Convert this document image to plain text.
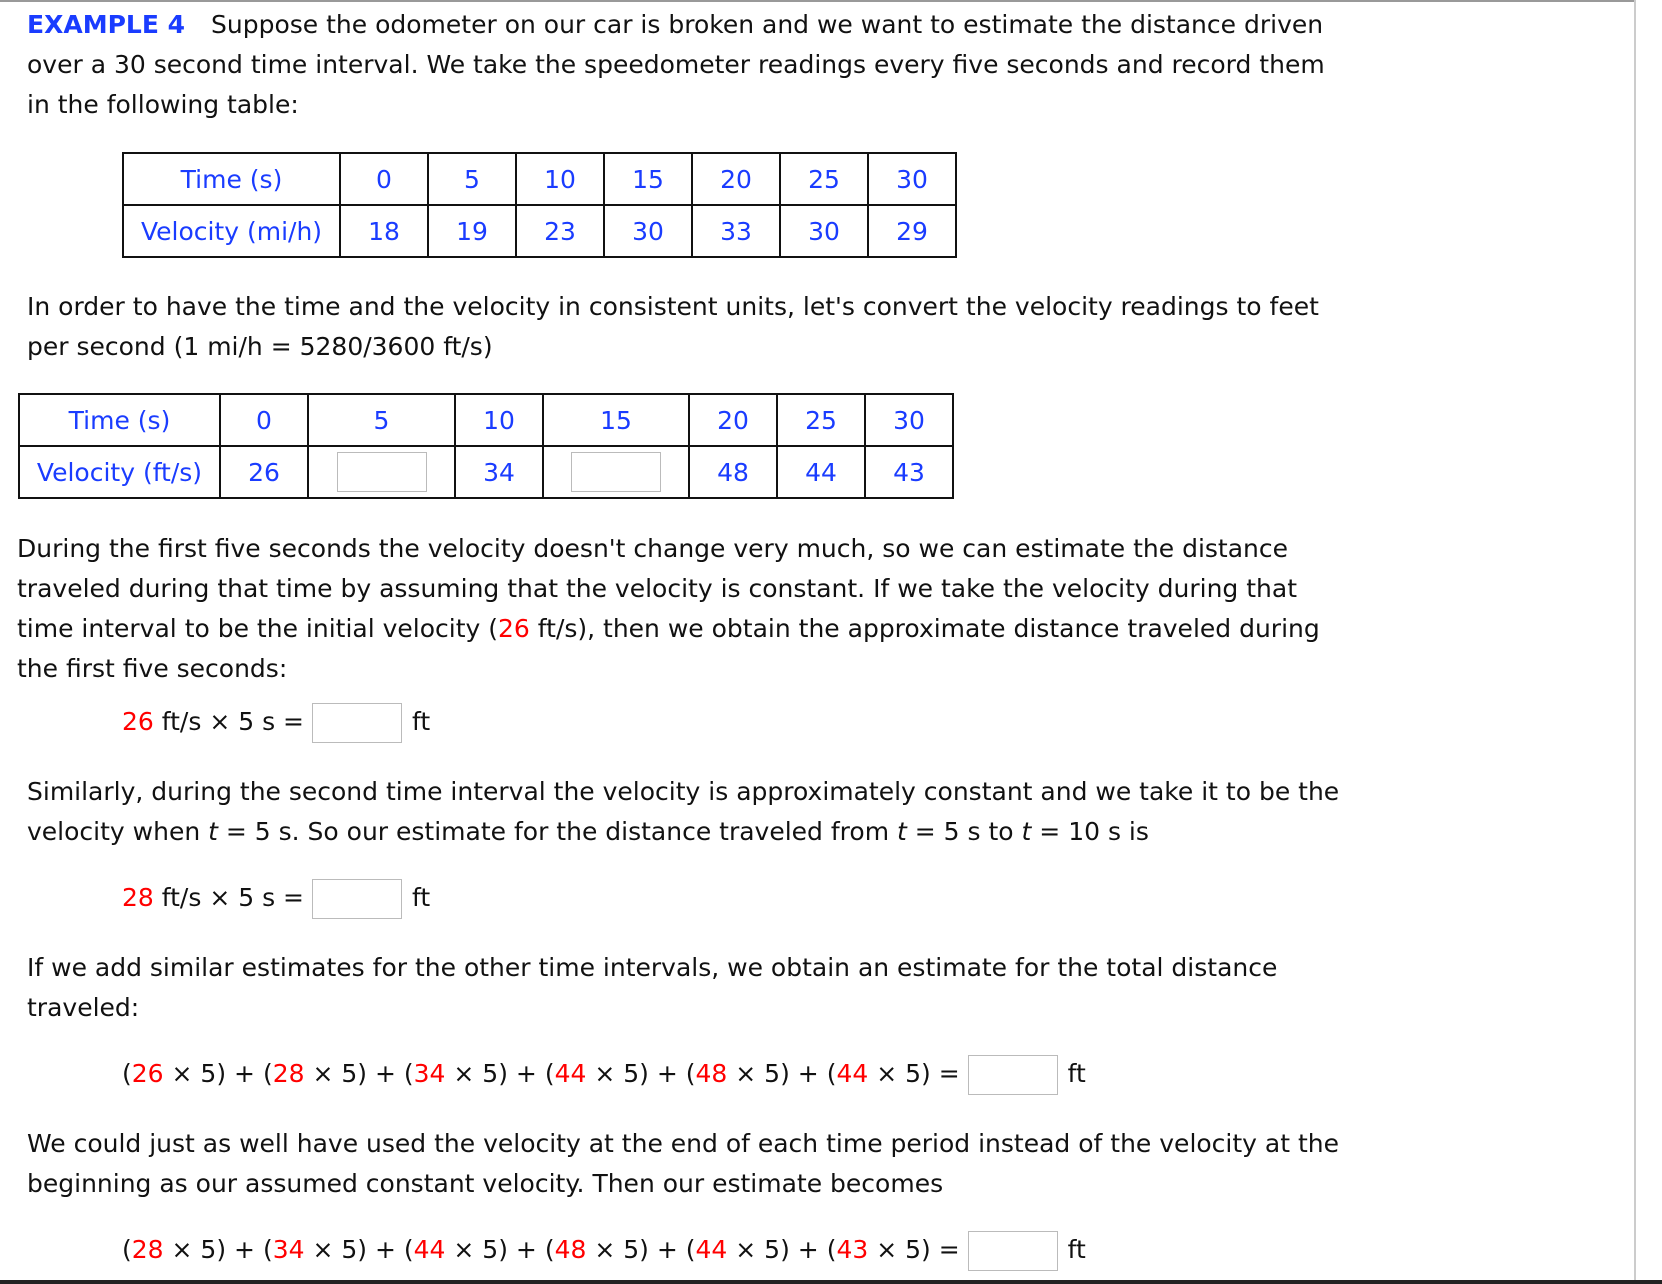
EXAMPLE 4 Suppose the odometer on our car is broken and we want to estimate the distance driven over a 30 second time interval. We take the speedometer readings every five seconds and record them in the following table:

Time (s)	0	5	10	15	20	25	30
Velocity (mi/h)	18	19	23	30	33	30	29

In order to have the time and the velocity in consistent units, let's convert the velocity readings to feet per second (1 mi/h = 5280/3600 ft/s)

Time (s)	0	5	10	15	20	25	30
Velocity (ft/s)	26		34		48	44	43

During the first five seconds the velocity doesn't change very much, so we can estimate the distance traveled during that time by assuming that the velocity is constant. If we take the velocity during that time interval to be the initial velocity (26 ft/s), then we obtain the approximate distance traveled during the first five seconds:

26 ft/s × 5 s =	ft

Similarly, during the second time interval the velocity is approximately constant and we take it to be the velocity when t = 5 s. So our estimate for the distance traveled from t = 5 s to t = 10 s is

28 ft/s × 5 s =	ft

If we add similar estimates for the other time intervals, we obtain an estimate for the total distance traveled:

(26 × 5) + (28 × 5) + (34 × 5) + (44 × 5) + (48 × 5) + (44 × 5) =	ft

We could just as well have used the velocity at the end of each time period instead of the velocity at the beginning as our assumed constant velocity. Then our estimate becomes

(28 × 5) + (34 × 5) + (44 × 5) + (48 × 5) + (44 × 5) + (43 × 5) =	ft
